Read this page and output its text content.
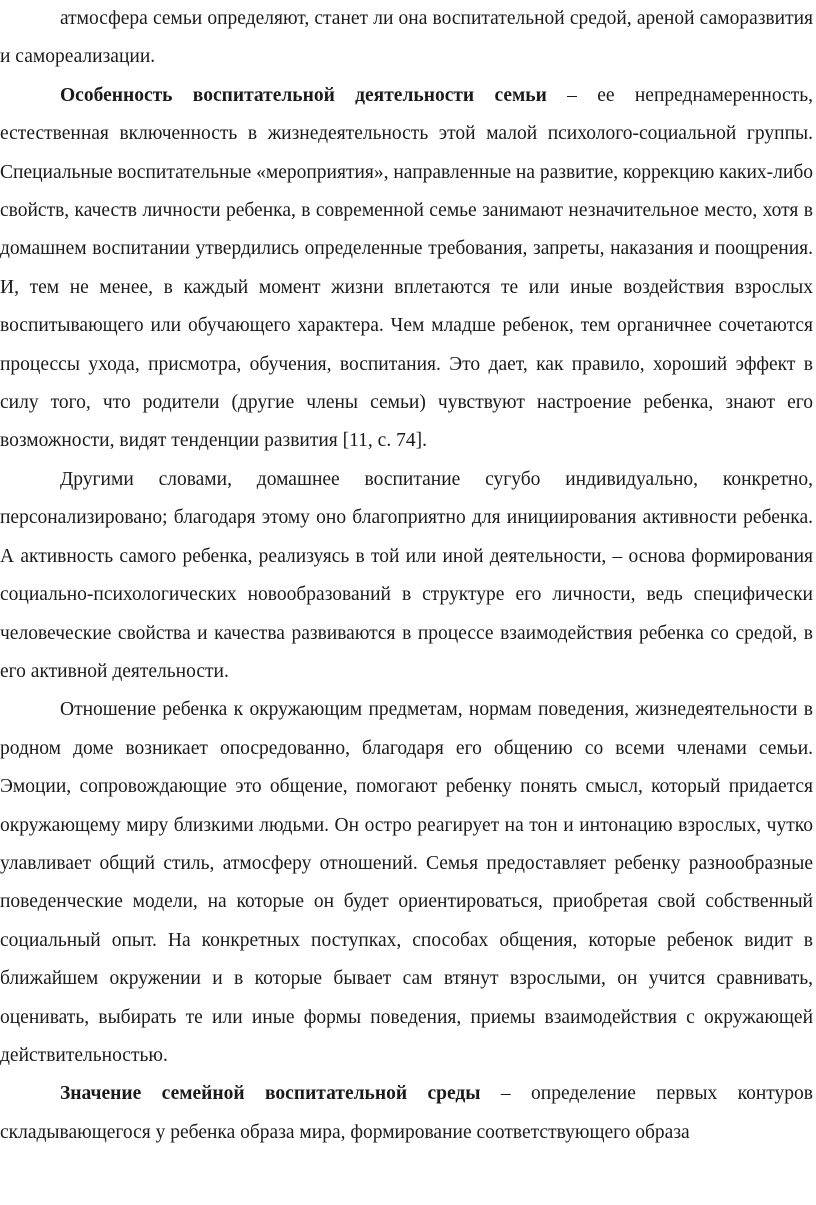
атмосфера семьи определяют, станет ли она воспитательной средой, ареной саморазвития и самореализации.

Особенность воспитательной деятельности семьи – ее непреднамеренность, естественная включенность в жизнедеятельность этой малой психолого-социальной группы. Специальные воспитательные «мероприятия», направленные на развитие, коррекцию каких-либо свойств, качеств личности ребенка, в современной семье занимают незначительное место, хотя в домашнем воспитании утвердились определенные требования, запреты, наказания и поощрения. И, тем не менее, в каждый момент жизни вплетаются те или иные воздействия взрослых воспитывающего или обучающего характера. Чем младше ребенок, тем органичнее сочетаются процессы ухода, присмотра, обучения, воспитания. Это дает, как правило, хороший эффект в силу того, что родители (другие члены семьи) чувствуют настроение ребенка, знают его возможности, видят тенденции развития [11, с. 74].

Другими словами, домашнее воспитание сугубо индивидуально, конкретно, персонализировано; благодаря этому оно благоприятно для инициирования активности ребенка. А активность самого ребенка, реализуясь в той или иной деятельности, – основа формирования социально-психологических новообразований в структуре его личности, ведь специфически человеческие свойства и качества развиваются в процессе взаимодействия ребенка со средой, в его активной деятельности.

Отношение ребенка к окружающим предметам, нормам поведения, жизнедеятельности в родном доме возникает опосредованно, благодаря его общению со всеми членами семьи. Эмоции, сопровождающие это общение, помогают ребенку понять смысл, который придается окружающему миру близкими людьми. Он остро реагирует на тон и интонацию взрослых, чутко улавливает общий стиль, атмосферу отношений. Семья предоставляет ребенку разнообразные поведенческие модели, на которые он будет ориентироваться, приобретая свой собственный социальный опыт. На конкретных поступках, способах общения, которые ребенок видит в ближайшем окружении и в которые бывает сам втянут взрослыми, он учится сравнивать, оценивать, выбирать те или иные формы поведения, приемы взаимодействия с окружающей действительностью.

Значение семейной воспитательной среды – определение первых контуров складывающегося у ребенка образа мира, формирование соответствующего образа
